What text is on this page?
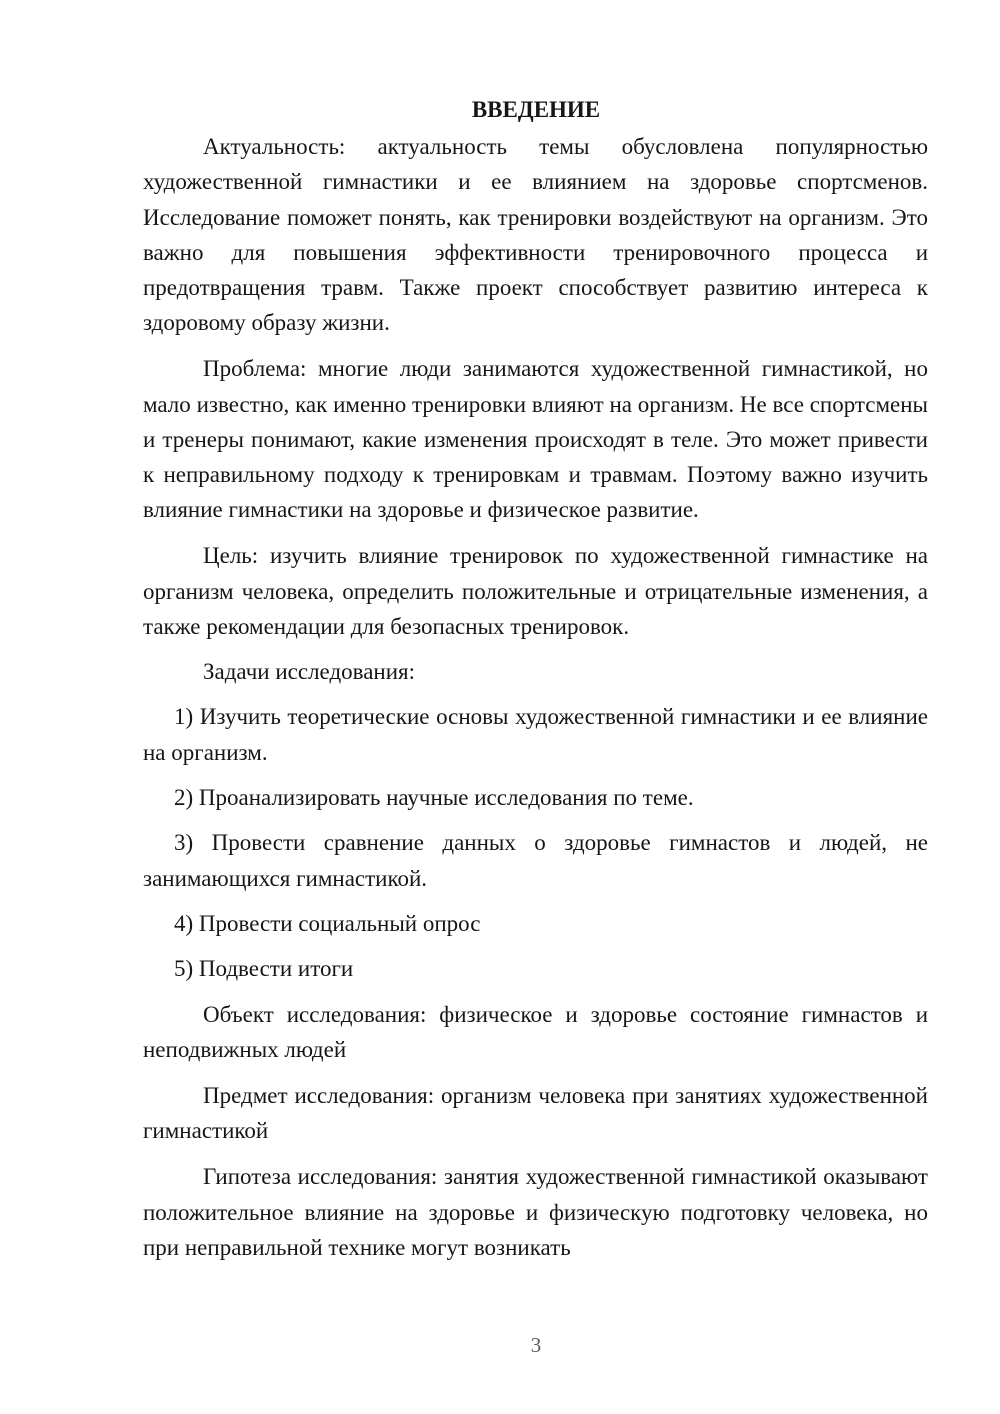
ВВЕДЕНИЕ

Актуальность: актуальность темы обусловлена популярностью художественной гимнастики и ее влиянием на здоровье спортсменов. Исследование поможет понять, как тренировки воздействуют на организм. Это важно для повышения эффективности тренировочного процесса и предотвращения травм. Также проект способствует развитию интереса к здоровому образу жизни.

Проблема: многие люди занимаются художественной гимнастикой, но мало известно, как именно тренировки влияют на организм. Не все спортсмены и тренеры понимают, какие изменения происходят в теле. Это может привести к неправильному подходу к тренировкам и травмам. Поэтому важно изучить влияние гимнастики на здоровье и физическое развитие.

Цель: изучить влияние тренировок по художественной гимнастике на организм человека, определить положительные и отрицательные изменения, а также рекомендации для безопасных тренировок.

Задачи исследования:

1) Изучить теоретические основы художественной гимнастики и ее влияние на организм.

2) Проанализировать научные исследования по теме.

3) Провести сравнение данных о здоровье гимнастов и людей, не занимающихся гимнастикой.

4) Провести социальный опрос

5) Подвести итоги

Объект исследования: физическое и здоровье состояние гимнастов и неподвижных людей

Предмет исследования: организм человека при занятиях художественной гимнастикой

Гипотеза исследования: занятия художественной гимнастикой оказывают положительное влияние на здоровье и физическую подготовку человека, но при неправильной технике могут возникать

3
